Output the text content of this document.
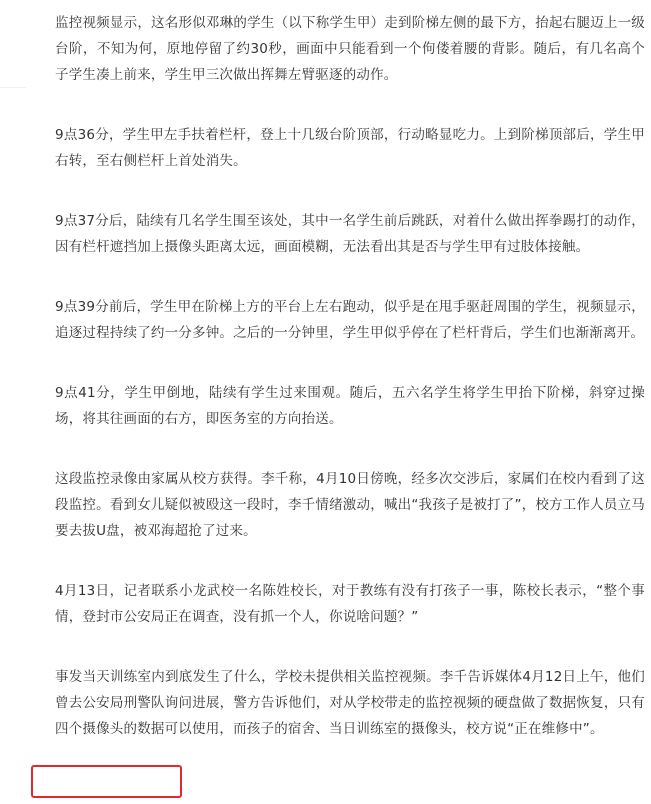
监控视频显示，这名形似邓琳的学生（以下称学生甲）走到阶梯左侧的最下方，抬起右腿迈上一级台阶，不知为何，原地停留了约30秒，画面中只能看到一个佝偻着腰的背影。随后，有几名高个子学生凑上前来，学生甲三次做出挥舞左臂驱逐的动作。

9点36分，学生甲左手扶着栏杆，登上十几级台阶顶部，行动略显吃力。上到阶梯顶部后，学生甲右转，至右侧栏杆上首处消失。

9点37分后，陆续有几名学生围至该处，其中一名学生前后跳跃，对着什么做出挥拳踢打的动作，因有栏杆遮挡加上摄像头距离太远，画面模糊，无法看出其是否与学生甲有过肢体接触。

9点39分前后，学生甲在阶梯上方的平台上左右跑动，似乎是在甩手驱赶周围的学生，视频显示，追逐过程持续了约一分多钟。之后的一分钟里，学生甲似乎停在了栏杆背后，学生们也渐渐离开。

9点41分，学生甲倒地，陆续有学生过来围观。随后，五六名学生将学生甲抬下阶梯，斜穿过操场，将其往画面的右方，即医务室的方向抬送。

这段监控录像由家属从校方获得。李千称，4月10日傍晚，经多次交涉后，家属们在校内看到了这段监控。看到女儿疑似被殴这一段时，李千情绪激动，喊出“我孩子是被打了”，校方工作人员立马要去拔U盘，被邓海超抢了过来。

4月13日，记者联系小龙武校一名陈姓校长，对于教练有没有打孩子一事，陈校长表示，“整个事情，登封市公安局正在调查，没有抓一个人，你说啥问题？”

事发当天训练室内到底发生了什么，学校未提供相关监控视频。李千告诉媒体4月12日上午，他们曾去公安局刑警队询问进展，警方告诉他们，对从学校带走的监控视频的硬盘做了数据恢复，只有四个摄像头的数据可以使用，而孩子的宿舍、当日训练室的摄像头，校方说“正在维修中”。
